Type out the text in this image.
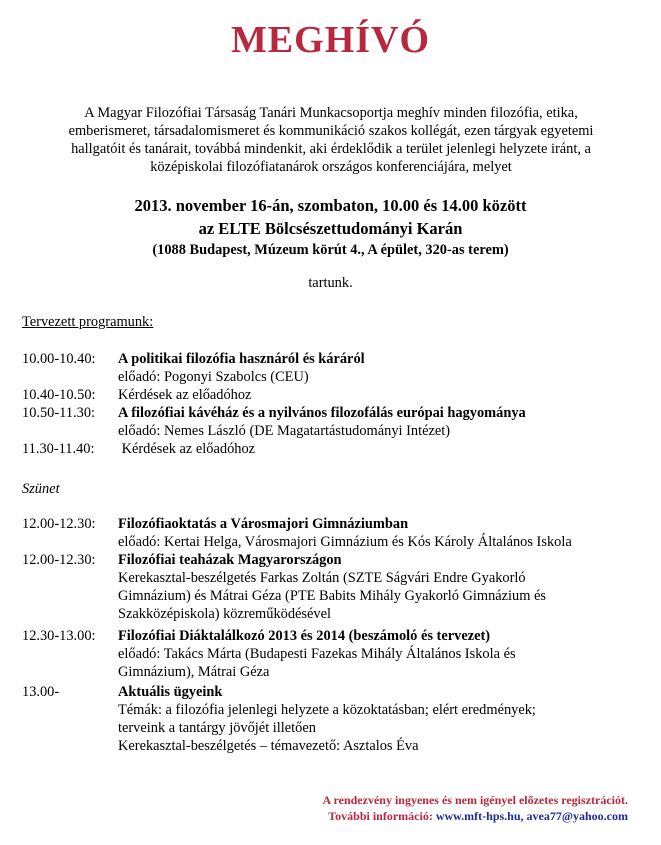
MEGHÍVÓ
A Magyar Filozófiai Társaság Tanári Munkacsoportja meghív minden filozófia, etika,
emberismeret, társadalomismeret és kommunikáció szakos kollégát, ezen tárgyak egyetemi
hallgatóit és tanárait, továbbá mindenkit, aki érdeklődik a terület jelenlegi helyzete iránt, a
középiskolai filozófiatanárok országos konferenciájára, melyet
2013. november 16-án, szombaton, 10.00 és 14.00 között
az ELTE Bölcsészettudományi Karán
(1088 Budapest, Múzeum körút 4., A épület, 320-as terem)
tartunk.
Tervezett programunk:
10.00-10.40: A politikai filozófia hasznáról és káráról
előadó: Pogonyi Szabolcs (CEU)
10.40-10.50: Kérdések az előadóhoz
10.50-11.30: A filozófiai kávéház és a nyilvános filozofálás európai hagyománya
előadó: Nemes László (DE Magatartástudományi Intézet)
11.30-11.40: Kérdések az előadóhoz
Szünet
12.00-12.30: Filozófiaoktatás a Városmajori Gimnáziumban
előadó: Kertai Helga, Városmajori Gimnázium és Kós Károly Általános Iskola
12.00-12.30: Filozófiai teaházak Magyarországon
Kerekasztal-beszélgetés Farkas Zoltán (SZTE Ságvári Endre Gyakorló
Gimnázium) és Mátrai Géza (PTE Babits Mihály Gyakorló Gimnázium és
Szakközépiskola) közreműködésével
12.30-13.00: Filozófiai Diáktalálkozó 2013 és 2014 (beszámoló és tervezet)
előadó: Takács Márta (Budapesti Fazekas Mihály Általános Iskola és
Gimnázium), Mátrai Géza
13.00-	Aktuális ügyeink
Témák: a filozófia jelenlegi helyzete a közoktatásban; elért eredmények;
terveink a tantárgy jövőjét illetően
Kerekasztal-beszélgetés – témavezető: Asztalos Éva
A rendezvény ingyenes és nem igényel előzetes regisztrációt.
További információ: www.mft-hps.hu, avea77@yahoo.com
